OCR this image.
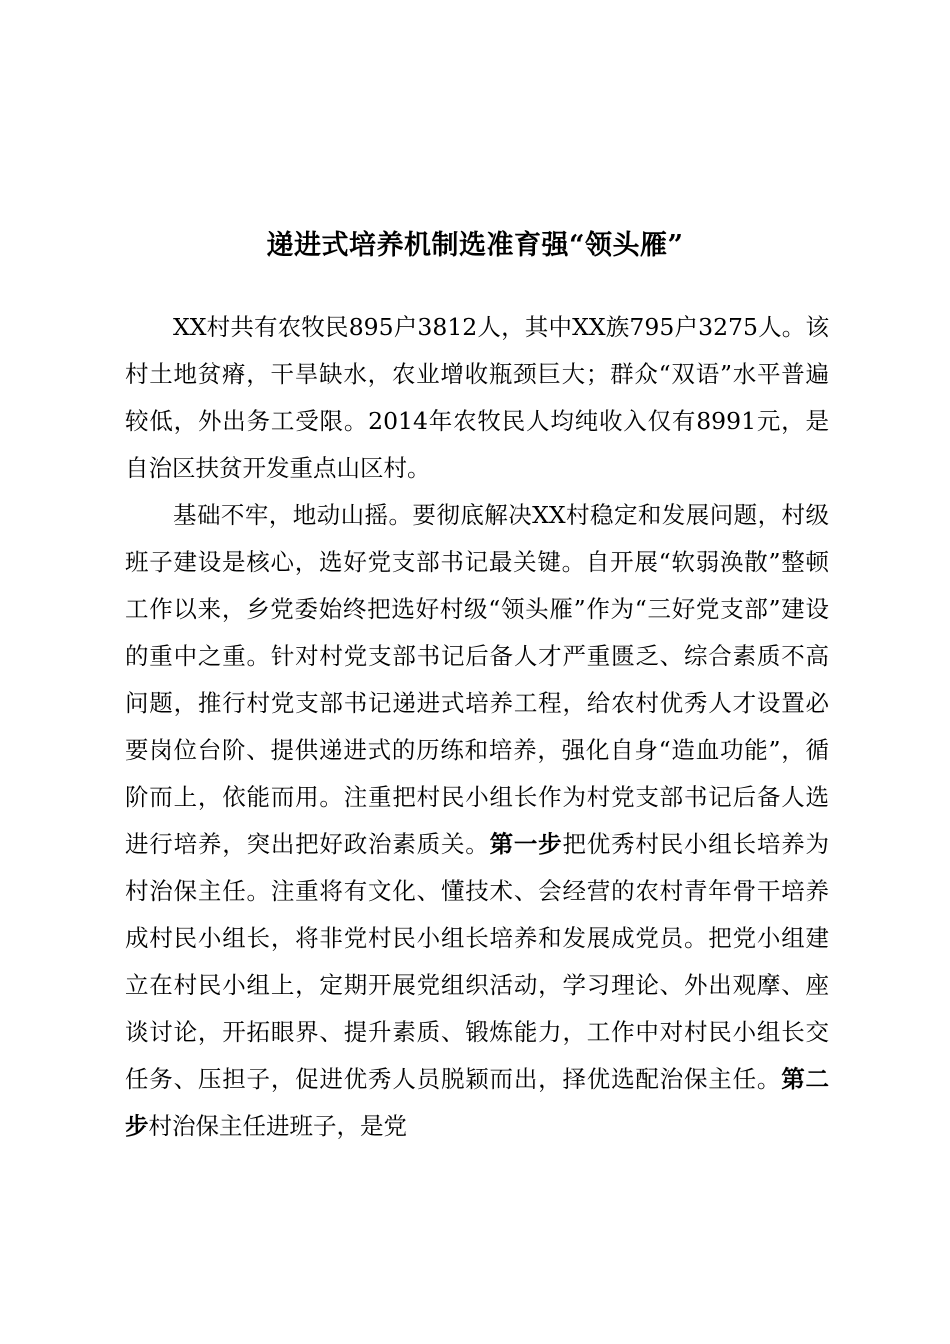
递进式培养机制选准育强“领头雁”

XX村共有农牧民895户3812人，其中XX族795户3275人。该村土地贫瘠，干旱缺水，农业增收瓶颈巨大；群众“双语”水平普遍较低，外出务工受限。2014年农牧民人均纯收入仅有8991元，是自治区扶贫开发重点山区村。

基础不牢，地动山摇。要彻底解决XX村稳定和发展问题，村级班子建设是核心，选好党支部书记最关键。自开展“软弱涣散”整顿工作以来，乡党委始终把选好村级“领头雁”作为“三好党支部”建设的重中之重。针对村党支部书记后备人才严重匮乏、综合素质不高问题，推行村党支部书记递进式培养工程，给农村优秀人才设置必要岗位台阶、提供递进式的历练和培养，强化自身“造血功能”，循阶而上，依能而用。注重把村民小组长作为村党支部书记后备人选进行培养，突出把好政治素质关。第一步把优秀村民小组长培养为村治保主任。注重将有文化、懂技术、会经营的农村青年骨干培养成村民小组长，将非党村民小组长培养和发展成党员。把党小组建立在村民小组上，定期开展党组织活动，学习理论、外出观摩、座谈讨论，开拓眼界、提升素质、锻炼能力，工作中对村民小组长交任务、压担子，促进优秀人员脱颖而出，择优选配治保主任。第二步村治保主任进班子，是党
